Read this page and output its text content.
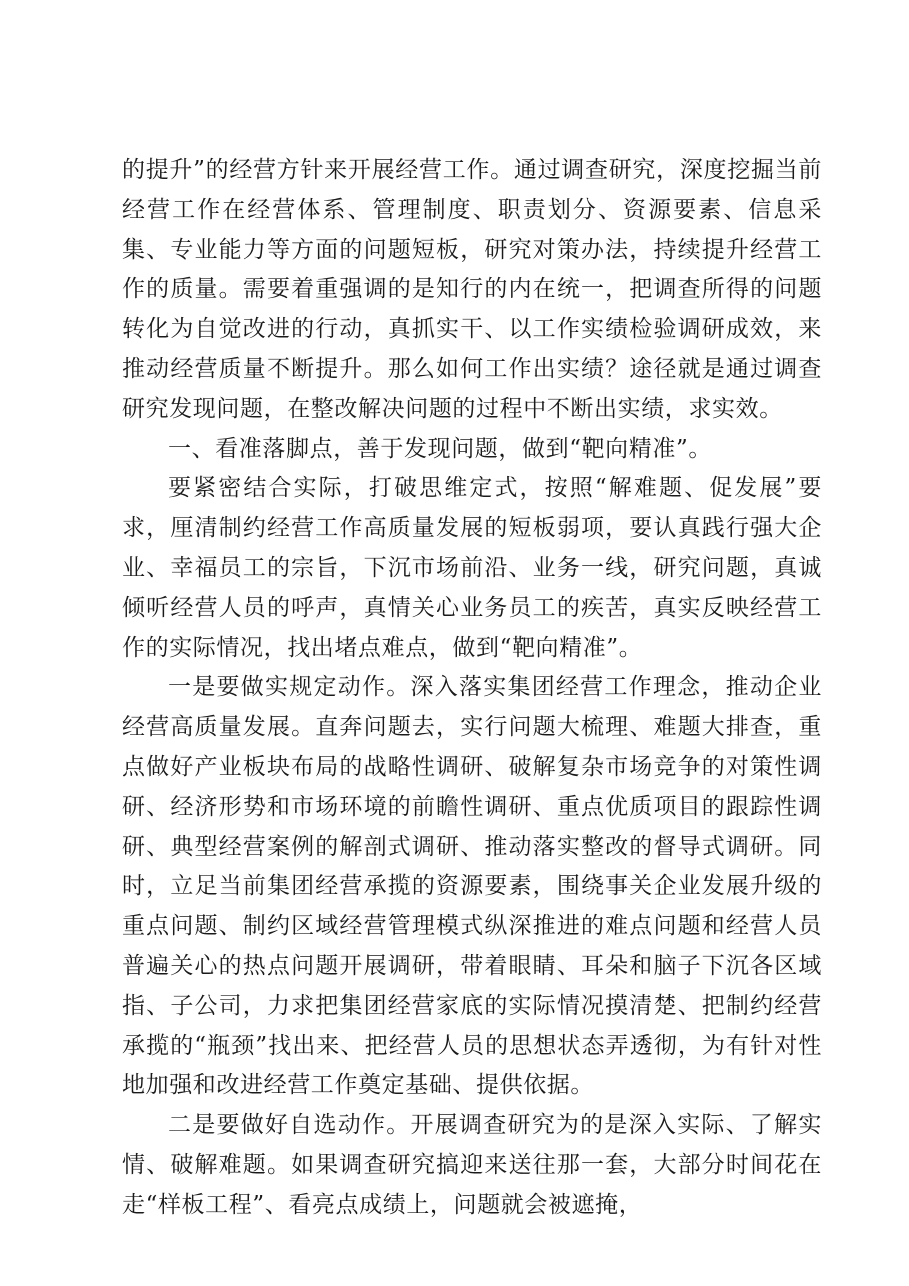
的提升”的经营方针来开展经营工作。通过调查研究，深度挖掘当前经营工作在经营体系、管理制度、职责划分、资源要素、信息采集、专业能力等方面的问题短板，研究对策办法，持续提升经营工作的质量。需要着重强调的是知行的内在统一，把调查所得的问题转化为自觉改进的行动，真抓实干、以工作实绩检验调研成效，来推动经营质量不断提升。那么如何工作出实绩？途径就是通过调查研究发现问题，在整改解决问题的过程中不断出实绩，求实效。

一、看准落脚点，善于发现问题，做到“靶向精准”。

要紧密结合实际，打破思维定式，按照“解难题、促发展”要求，厘清制约经营工作高质量发展的短板弱项，要认真践行强大企业、幸福员工的宗旨，下沉市场前沿、业务一线，研究问题，真诚倾听经营人员的呼声，真情关心业务员工的疾苦，真实反映经营工作的实际情况，找出堵点难点，做到“靶向精准”。

一是要做实规定动作。深入落实集团经营工作理念，推动企业经营高质量发展。直奔问题去，实行问题大梳理、难题大排查，重点做好产业板块布局的战略性调研、破解复杂市场竞争的对策性调研、经济形势和市场环境的前瞻性调研、重点优质项目的跟踪性调研、典型经营案例的解剖式调研、推动落实整改的督导式调研。同时，立足当前集团经营承揽的资源要素，围绕事关企业发展升级的重点问题、制约区域经营管理模式纵深推进的难点问题和经营人员普遍关心的热点问题开展调研，带着眼睛、耳朵和脑子下沉各区域指、子公司，力求把集团经营家底的实际情况摸清楚、把制约经营承揽的“瓶颈”找出来、把经营人员的思想状态弄透彻，为有针对性地加强和改进经营工作奠定基础、提供依据。

二是要做好自选动作。开展调查研究为的是深入实际、了解实情、破解难题。如果调查研究搞迎来送往那一套，大部分时间花在走“样板工程”、看亮点成绩上，问题就会被遮掩，
